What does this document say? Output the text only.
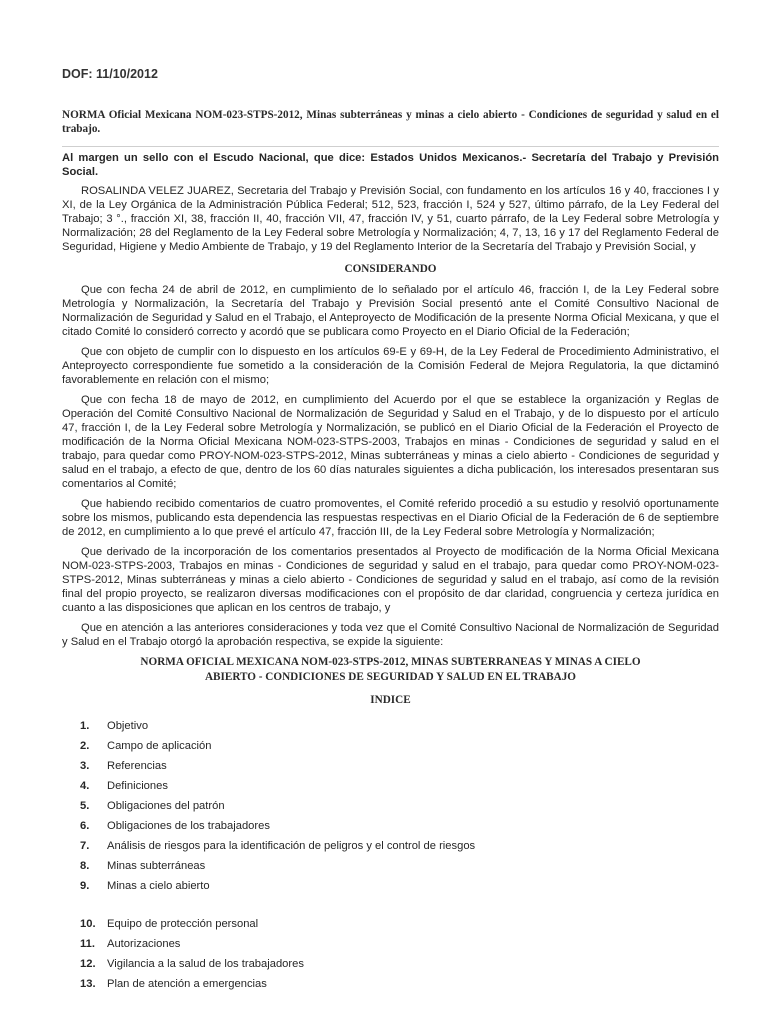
DOF: 11/10/2012

NORMA Oficial Mexicana NOM-023-STPS-2012, Minas subterráneas y minas a cielo abierto - Condiciones de seguridad y salud en el trabajo.

Al margen un sello con el Escudo Nacional, que dice: Estados Unidos Mexicanos.- Secretaría del Trabajo y Previsión Social.

ROSALINDA VELEZ JUAREZ, Secretaria del Trabajo y Previsión Social, con fundamento en los artículos 16 y 40, fracciones I y XI, de la Ley Orgánica de la Administración Pública Federal; 512, 523, fracción I, 524 y 527, último párrafo, de la Ley Federal del Trabajo; 3 °., fracción XI, 38, fracción II, 40, fracción VII, 47, fracción IV, y 51, cuarto párrafo, de la Ley Federal sobre Metrología y Normalización; 28 del Reglamento de la Ley Federal sobre Metrología y Normalización; 4, 7, 13, 16 y 17 del Reglamento Federal de Seguridad, Higiene y Medio Ambiente de Trabajo, y 19 del Reglamento Interior de la Secretaría del Trabajo y Previsión Social, y

CONSIDERANDO

Que con fecha 24 de abril de 2012, en cumplimiento de lo señalado por el artículo 46, fracción I, de la Ley Federal sobre Metrología y Normalización, la Secretaría del Trabajo y Previsión Social presentó ante el Comité Consultivo Nacional de Normalización de Seguridad y Salud en el Trabajo, el Anteproyecto de Modificación de la presente Norma Oficial Mexicana, y que el citado Comité lo consideró correcto y acordó que se publicara como Proyecto en el Diario Oficial de la Federación;

Que con objeto de cumplir con lo dispuesto en los artículos 69-E y 69-H, de la Ley Federal de Procedimiento Administrativo, el Anteproyecto correspondiente fue sometido a la consideración de la Comisión Federal de Mejora Regulatoria, la que dictaminó favorablemente en relación con el mismo;

Que con fecha 18 de mayo de 2012, en cumplimiento del Acuerdo por el que se establece la organización y Reglas de Operación del Comité Consultivo Nacional de Normalización de Seguridad y Salud en el Trabajo, y de lo dispuesto por el artículo 47, fracción I, de la Ley Federal sobre Metrología y Normalización, se publicó en el Diario Oficial de la Federación el Proyecto de modificación de la Norma Oficial Mexicana NOM-023-STPS-2003, Trabajos en minas - Condiciones de seguridad y salud en el trabajo, para quedar como PROY-NOM-023-STPS-2012, Minas subterráneas y minas a cielo abierto - Condiciones de seguridad y salud en el trabajo, a efecto de que, dentro de los 60 días naturales siguientes a dicha publicación, los interesados presentaran sus comentarios al Comité;

Que habiendo recibido comentarios de cuatro promoventes, el Comité referido procedió a su estudio y resolvió oportunamente sobre los mismos, publicando esta dependencia las respuestas respectivas en el Diario Oficial de la Federación de 6 de septiembre de 2012, en cumplimiento a lo que prevé el artículo 47, fracción III, de la Ley Federal sobre Metrología y Normalización;

Que derivado de la incorporación de los comentarios presentados al Proyecto de modificación de la Norma Oficial Mexicana NOM-023-STPS-2003, Trabajos en minas - Condiciones de seguridad y salud en el trabajo, para quedar como PROY-NOM-023-STPS-2012, Minas subterráneas y minas a cielo abierto - Condiciones de seguridad y salud en el trabajo, así como de la revisión final del propio proyecto, se realizaron diversas modificaciones con el propósito de dar claridad, congruencia y certeza jurídica en cuanto a las disposiciones que aplican en los centros de trabajo, y

Que en atención a las anteriores consideraciones y toda vez que el Comité Consultivo Nacional de Normalización de Seguridad y Salud en el Trabajo otorgó la aprobación respectiva, se expide la siguiente:

NORMA OFICIAL MEXICANA NOM-023-STPS-2012, MINAS SUBTERRANEAS Y MINAS A CIELO
ABIERTO - CONDICIONES DE SEGURIDAD Y SALUD EN EL TRABAJO
INDICE
1.	Objetivo
2.	Campo de aplicación
3.	Referencias
4.	Definiciones
5.	Obligaciones del patrón
6.	Obligaciones de los trabajadores
7.	Análisis de riesgos para la identificación de peligros y el control de riesgos
8.	Minas subterráneas
9.	Minas a cielo abierto
10.	Equipo de protección personal
11.	Autorizaciones
12.	Vigilancia a la salud de los trabajadores
13.	Plan de atención a emergencias
